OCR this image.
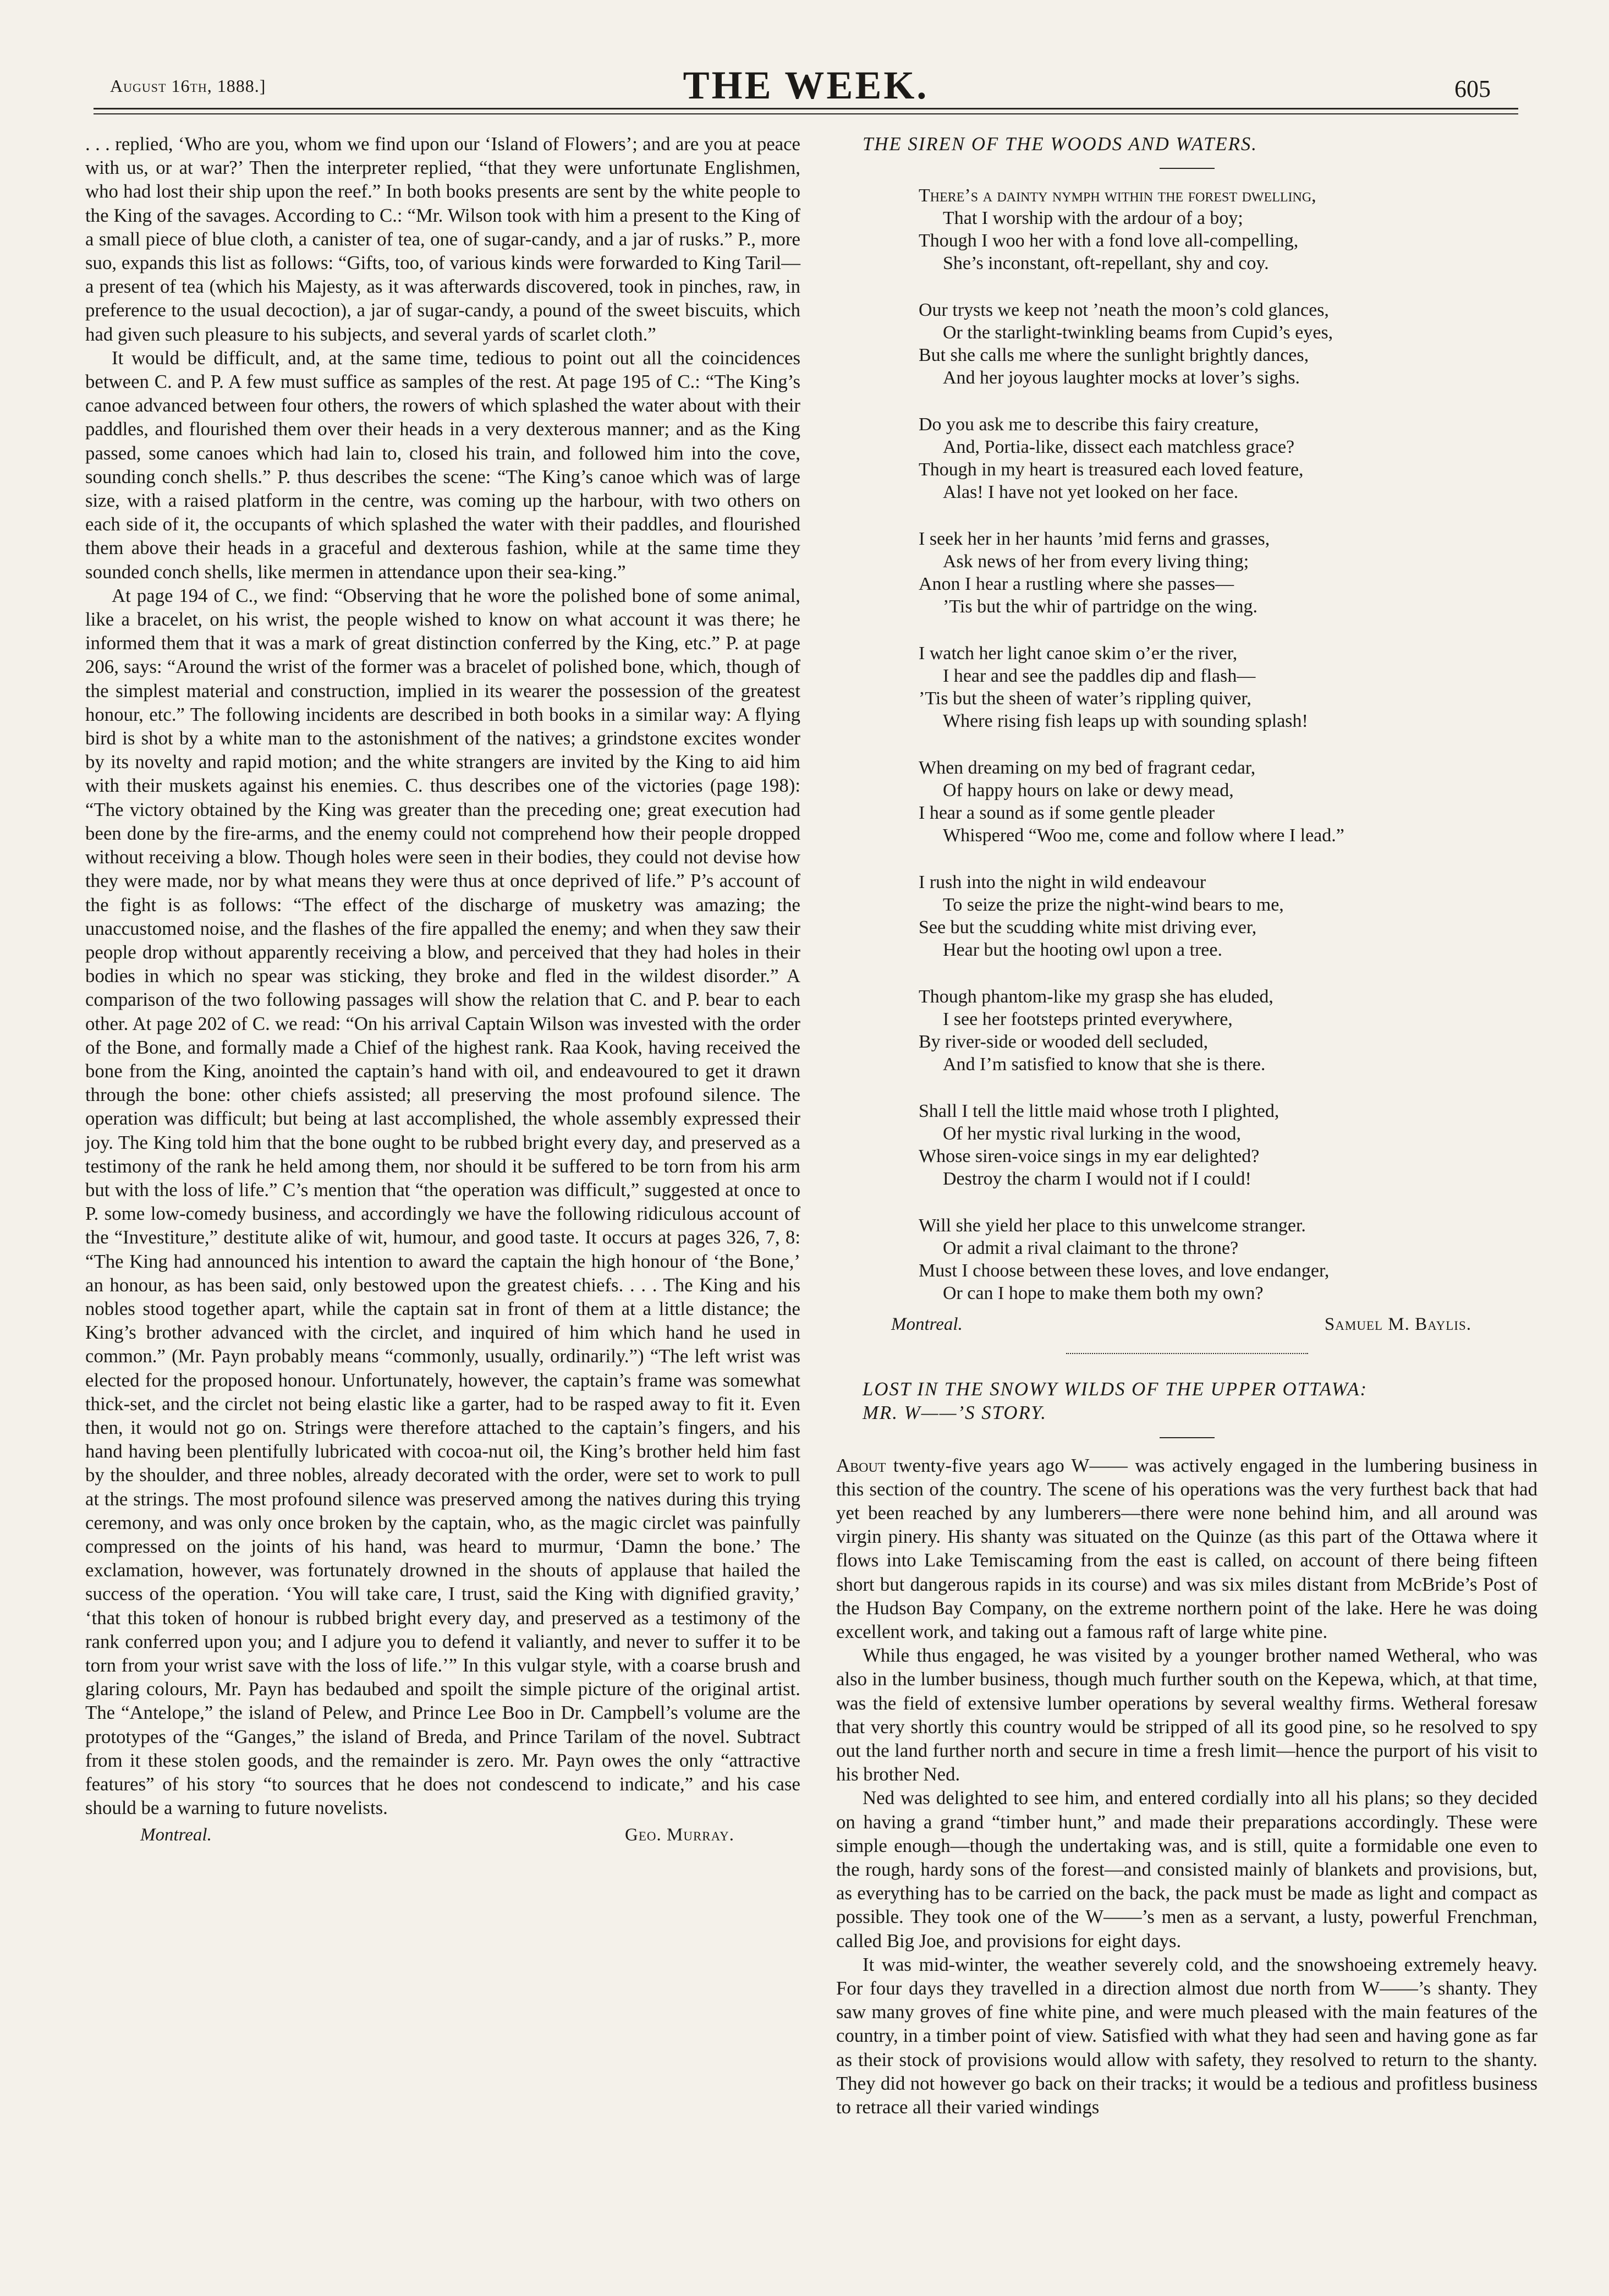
August 16th, 1888.]	THE WEEK.	605

. . . replied, ‘Who are you, whom we find upon our ‘Island of Flowers’; and are you at peace with us, or at war?’ Then the interpreter replied, “that they were unfortunate Englishmen, who had lost their ship upon the reef.” In both books presents are sent by the white people to the King of the savages. According to C.: “Mr. Wilson took with him a present to the King of a small piece of blue cloth, a canister of tea, one of sugar-candy, and a jar of rusks.” P., more suo, expands this list as follows: “Gifts, too, of various kinds were forwarded to King Taril—a present of tea (which his Majesty, as it was afterwards discovered, took in pinches, raw, in preference to the usual decoction), a jar of sugar-candy, a pound of the sweet biscuits, which had given such pleasure to his subjects, and several yards of scarlet cloth.”

It would be difficult, and, at the same time, tedious to point out all the coincidences between C. and P. A few must suffice as samples of the rest. At page 195 of C.: “The King’s canoe advanced between four others, the rowers of which splashed the water about with their paddles, and flourished them over their heads in a very dexterous manner; and as the King passed, some canoes which had lain to, closed his train, and followed him into the cove, sounding conch shells.” P. thus describes the scene: “The King’s canoe which was of large size, with a raised platform in the centre, was coming up the harbour, with two others on each side of it, the occupants of which splashed the water with their paddles, and flourished them above their heads in a graceful and dexterous fashion, while at the same time they sounded conch shells, like mermen in attendance upon their sea-king.”

At page 194 of C., we find: “Observing that he wore the polished bone of some animal, like a bracelet, on his wrist, the people wished to know on what account it was there; he informed them that it was a mark of great distinction conferred by the King, etc.” P. at page 206, says: “Around the wrist of the former was a bracelet of polished bone, which, though of the simplest material and construction, implied in its wearer the possession of the greatest honour, etc.” The following incidents are described in both books in a similar way: A flying bird is shot by a white man to the astonishment of the natives; a grindstone excites wonder by its novelty and rapid motion; and the white strangers are invited by the King to aid him with their muskets against his enemies. C. thus describes one of the victories (page 198): “The victory obtained by the King was greater than the preceding one; great execution had been done by the fire-arms, and the enemy could not comprehend how their people dropped without receiving a blow. Though holes were seen in their bodies, they could not devise how they were made, nor by what means they were thus at once deprived of life.” P’s account of the fight is as follows: “The effect of the discharge of musketry was amazing; the unaccustomed noise, and the flashes of the fire appalled the enemy; and when they saw their people drop without apparently receiving a blow, and perceived that they had holes in their bodies in which no spear was sticking, they broke and fled in the wildest disorder.” A comparison of the two following passages will show the relation that C. and P. bear to each other. At page 202 of C. we read: “On his arrival Captain Wilson was invested with the order of the Bone, and formally made a Chief of the highest rank. Raa Kook, having received the bone from the King, anointed the captain’s hand with oil, and endeavoured to get it drawn through the bone: other chiefs assisted; all preserving the most profound silence. The operation was difficult; but being at last accomplished, the whole assembly expressed their joy. The King told him that the bone ought to be rubbed bright every day, and preserved as a testimony of the rank he held among them, nor should it be suffered to be torn from his arm but with the loss of life.” C’s mention that “the operation was difficult,” suggested at once to P. some low-comedy business, and accordingly we have the following ridiculous account of the “Investiture,” destitute alike of wit, humour, and good taste. It occurs at pages 326, 7, 8: “The King had announced his intention to award the captain the high honour of ‘the Bone,’ an honour, as has been said, only bestowed upon the greatest chiefs. . . . The King and his nobles stood together apart, while the captain sat in front of them at a little distance; the King’s brother advanced with the circlet, and inquired of him which hand he used in common.” (Mr. Payn probably means “commonly, usually, ordinarily.”) “The left wrist was elected for the proposed honour. Unfortunately, however, the captain’s frame was somewhat thick-set, and the circlet not being elastic like a garter, had to be rasped away to fit it. Even then, it would not go on. Strings were therefore attached to the captain’s fingers, and his hand having been plentifully lubricated with cocoa-nut oil, the King’s brother held him fast by the shoulder, and three nobles, already decorated with the order, were set to work to pull at the strings. The most profound silence was preserved among the natives during this trying ceremony, and was only once broken by the captain, who, as the magic circlet was painfully compressed on the joints of his hand, was heard to murmur, ‘Damn the bone.’ The exclamation, however, was fortunately drowned in the shouts of applause that hailed the success of the operation. ‘You will take care, I trust, said the King with dignified gravity,’ ‘that this token of honour is rubbed bright every day, and preserved as a testimony of the rank conferred upon you; and I adjure you to defend it valiantly, and never to suffer it to be torn from your wrist save with the loss of life.’” In this vulgar style, with a coarse brush and glaring colours, Mr. Payn has bedaubed and spoilt the simple picture of the original artist. The “Antelope,” the island of Pelew, and Prince Lee Boo in Dr. Campbell’s volume are the prototypes of the “Ganges,” the island of Breda, and Prince Tarilam of the novel. Subtract from it these stolen goods, and the remainder is zero. Mr. Payn owes the only “attractive features” of his story “to sources that he does not condescend to indicate,” and his case should be a warning to future novelists.

Montreal.	Geo. Murray.

THE SIREN OF THE WOODS AND WATERS.

There’s a dainty nymph within the forest dwelling,
That I worship with the ardour of a boy;
Though I woo her with a fond love all-compelling,
She’s inconstant, oft-repellant, shy and coy.
Our trysts we keep not ’neath the moon’s cold glances,
Or the starlight-twinkling beams from Cupid’s eyes,
But she calls me where the sunlight brightly dances,
And her joyous laughter mocks at lover’s sighs.
Do you ask me to describe this fairy creature,
And, Portia-like, dissect each matchless grace?
Though in my heart is treasured each loved feature,
Alas! I have not yet looked on her face.
I seek her in her haunts ’mid ferns and grasses,
Ask news of her from every living thing;
Anon I hear a rustling where she passes—
’Tis but the whir of partridge on the wing.
I watch her light canoe skim o’er the river,
I hear and see the paddles dip and flash—
’Tis but the sheen of water’s rippling quiver,
Where rising fish leaps up with sounding splash!
When dreaming on my bed of fragrant cedar,
Of happy hours on lake or dewy mead,
I hear a sound as if some gentle pleader
Whispered “Woo me, come and follow where I lead.”
I rush into the night in wild endeavour
To seize the prize the night-wind bears to me,
See but the scudding white mist driving ever,
Hear but the hooting owl upon a tree.
Though phantom-like my grasp she has eluded,
I see her footsteps printed everywhere,
By river-side or wooded dell secluded,
And I’m satisfied to know that she is there.
Shall I tell the little maid whose troth I plighted,
Of her mystic rival lurking in the wood,
Whose siren-voice sings in my ear delighted?
Destroy the charm I would not if I could!
Will she yield her place to this unwelcome stranger.
Or admit a rival claimant to the throne?
Must I choose between these loves, and love endanger,
Or can I hope to make them both my own?
Montreal.	Samuel M. Baylis.

LOST IN THE SNOWY WILDS OF THE UPPER OTTAWA:

MR. W——’S STORY.

About twenty-five years ago W—— was actively engaged in the lumbering business in this section of the country. The scene of his operations was the very furthest back that had yet been reached by any lumberers—there were none behind him, and all around was virgin pinery. His shanty was situated on the Quinze (as this part of the Ottawa where it flows into Lake Temiscaming from the east is called, on account of there being fifteen short but dangerous rapids in its course) and was six miles distant from McBride’s Post of the Hudson Bay Company, on the extreme northern point of the lake. Here he was doing excellent work, and taking out a famous raft of large white pine.

While thus engaged, he was visited by a younger brother named Wetheral, who was also in the lumber business, though much further south on the Kepewa, which, at that time, was the field of extensive lumber operations by several wealthy firms. Wetheral foresaw that very shortly this country would be stripped of all its good pine, so he resolved to spy out the land further north and secure in time a fresh limit—hence the purport of his visit to his brother Ned.

Ned was delighted to see him, and entered cordially into all his plans; so they decided on having a grand “timber hunt,” and made their preparations accordingly. These were simple enough—though the undertaking was, and is still, quite a formidable one even to the rough, hardy sons of the forest—and consisted mainly of blankets and provisions, but, as everything has to be carried on the back, the pack must be made as light and compact as possible. They took one of the W——’s men as a servant, a lusty, powerful Frenchman, called Big Joe, and provisions for eight days.

It was mid-winter, the weather severely cold, and the snowshoeing extremely heavy. For four days they travelled in a direction almost due north from W——’s shanty. They saw many groves of fine white pine, and were much pleased with the main features of the country, in a timber point of view. Satisfied with what they had seen and having gone as far as their stock of provisions would allow with safety, they resolved to return to the shanty. They did not however go back on their tracks; it would be a tedious and profitless business to retrace all their varied windings
